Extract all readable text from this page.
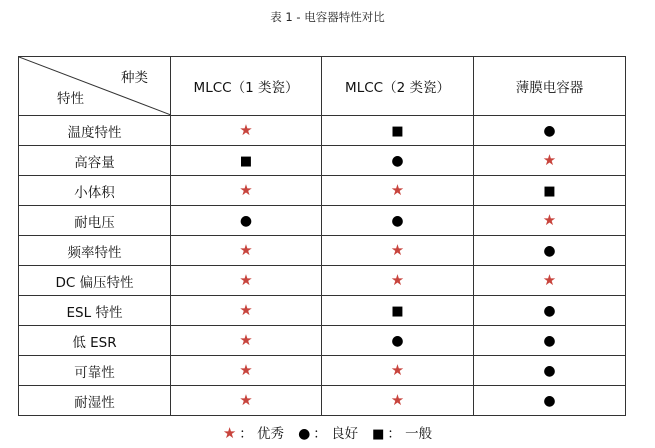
表 1 - 电容器特性对比
种类
特性	MLCC（1 类瓷）	MLCC（2 类瓷）	薄膜电容器
温度特性	★	■	●
高容量	■	●	★
小体积	★	★	■
耐电压	●	●	★
频率特性	★	★	●
DC 偏压特性	★	★	★
ESL 特性	★	■	●
低 ESR	★	●	●
可靠性	★	★	●
耐湿性	★	★	●
★ ： 优秀 ● ： 良好 ■ ： 一般
